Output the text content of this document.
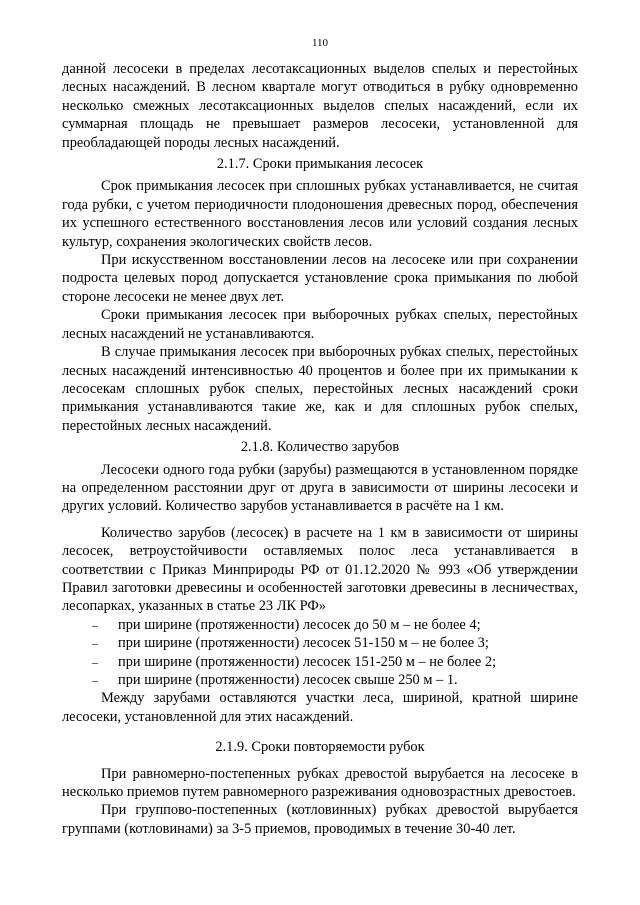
110

данной лесосеки в пределах лесотаксационных выделов спелых и перестойных лесных насаждений. В лесном квартале могут отводиться в рубку одновременно несколько смежных лесотаксационных выделов спелых насаждений, если их суммарная площадь не превышает размеров лесосеки, установленной для преобладающей породы лесных насаждений.

2.1.7. Сроки примыкания лесосек

Срок примыкания лесосек при сплошных рубках устанавливается, не считая года рубки, с учетом периодичности плодоношения древесных пород, обеспечения их успешного естественного восстановления лесов или условий создания лесных культур, сохранения экологических свойств лесов.

При искусственном восстановлении лесов на лесосеке или при сохранении подроста целевых пород допускается установление срока примыкания по любой стороне лесосеки не менее двух лет.

Сроки примыкания лесосек при выборочных рубках спелых, перестойных лесных насаждений не устанавливаются.

В случае примыкания лесосек при выборочных рубках спелых, перестойных лесных насаждений интенсивностью 40 процентов и более при их примыкании к лесосекам сплошных рубок спелых, перестойных лесных насаждений сроки примыкания устанавливаются такие же, как и для сплошных рубок спелых, перестойных лесных насаждений.

2.1.8. Количество зарубов

Лесосеки одного года рубки (зарубы) размещаются в установленном порядке на определенном расстоянии друг от друга в зависимости от ширины лесосеки и других условий. Количество зарубов устанавливается в расчёте на 1 км.

Количество зарубов (лесосек) в расчете на 1 км в зависимости от ширины лесосек, ветроустойчивости оставляемых полос леса устанавливается в соответствии с Приказ Минприроды РФ от 01.12.2020 № 993 «Об утверждении Правил заготовки древесины и особенностей заготовки древесины в лесничествах, лесопарках, указанных в статье 23 ЛК РФ»

– при ширине (протяженности) лесосек до 50 м – не более 4;
– при ширине (протяженности) лесосек 51-150 м – не более 3;
– при ширине (протяженности) лесосек 151-250 м – не более 2;
– при ширине (протяженности) лесосек свыше 250 м – 1.

Между зарубами оставляются участки леса, шириной, кратной ширине лесосеки, установленной для этих насаждений.

2.1.9. Сроки повторяемости рубок

При равномерно-постепенных рубках древостой вырубается на лесосеке в несколько приемов путем равномерного разреживания одновозрастных древостоев.

При группово-постепенных (котловинных) рубках древостой вырубается группами (котловинами) за 3-5 приемов, проводимых в течение 30-40 лет.
